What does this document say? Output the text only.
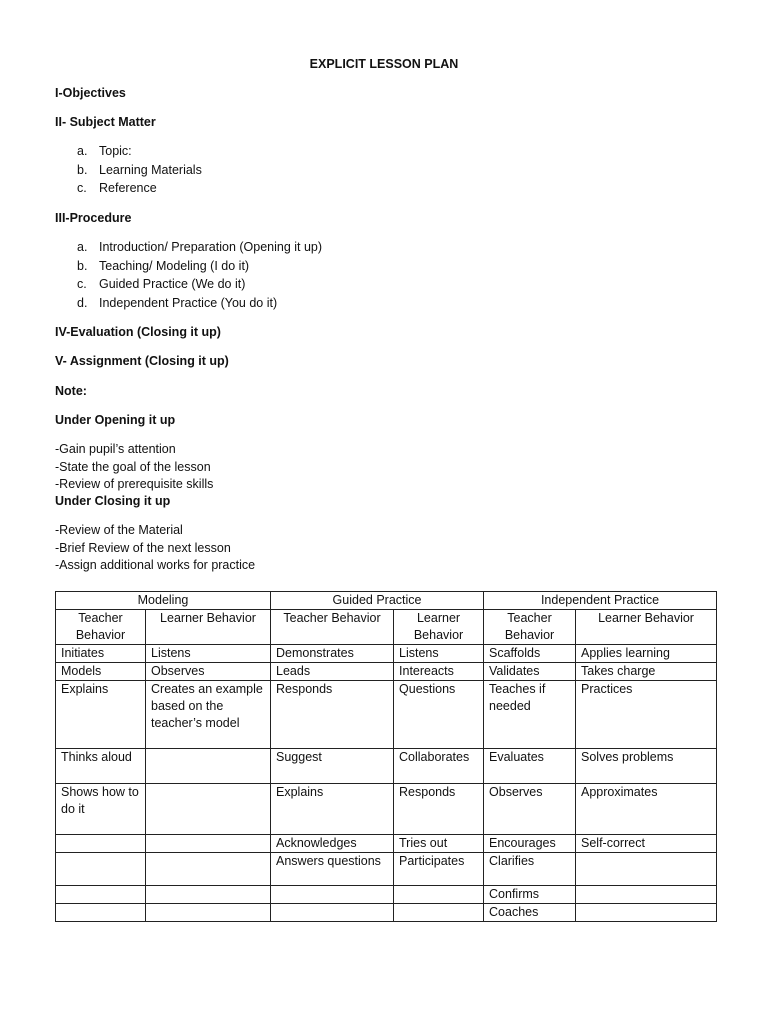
EXPLICIT LESSON PLAN
I-Objectives
II- Subject Matter
a. Topic:
b. Learning Materials
c. Reference
III-Procedure
a. Introduction/ Preparation (Opening it up)
b. Teaching/ Modeling (I do it)
c. Guided Practice (We do it)
d. Independent Practice (You do it)
IV-Evaluation (Closing it up)
V- Assignment (Closing it up)
Note:
Under Opening it up
-Gain pupil’s attention
-State the goal of the lesson
-Review of prerequisite skills
Under Closing it up
-Review of the Material
-Brief Review of the next lesson
-Assign additional works for practice
Modeling		Guided Practice		Independent Practice	
Teacher Behavior	Learner Behavior	Teacher Behavior	Learner Behavior	Teacher Behavior	Learner Behavior
Initiates	Listens	Demonstrates	Listens	Scaffolds	Applies learning
Models	Observes	Leads	Intereacts	Validates	Takes charge
Explains	Creates an example based on the teacher’s model	Responds	Questions	Teaches if needed	Practices
Thinks aloud		Suggest	Collaborates	Evaluates	Solves problems
Shows how to do it		Explains	Responds	Observes	Approximates
		Acknowledges	Tries out	Encourages	Self-correct
		Answers questions	Participates	Clarifies	
				Confirms	
				Coaches	
